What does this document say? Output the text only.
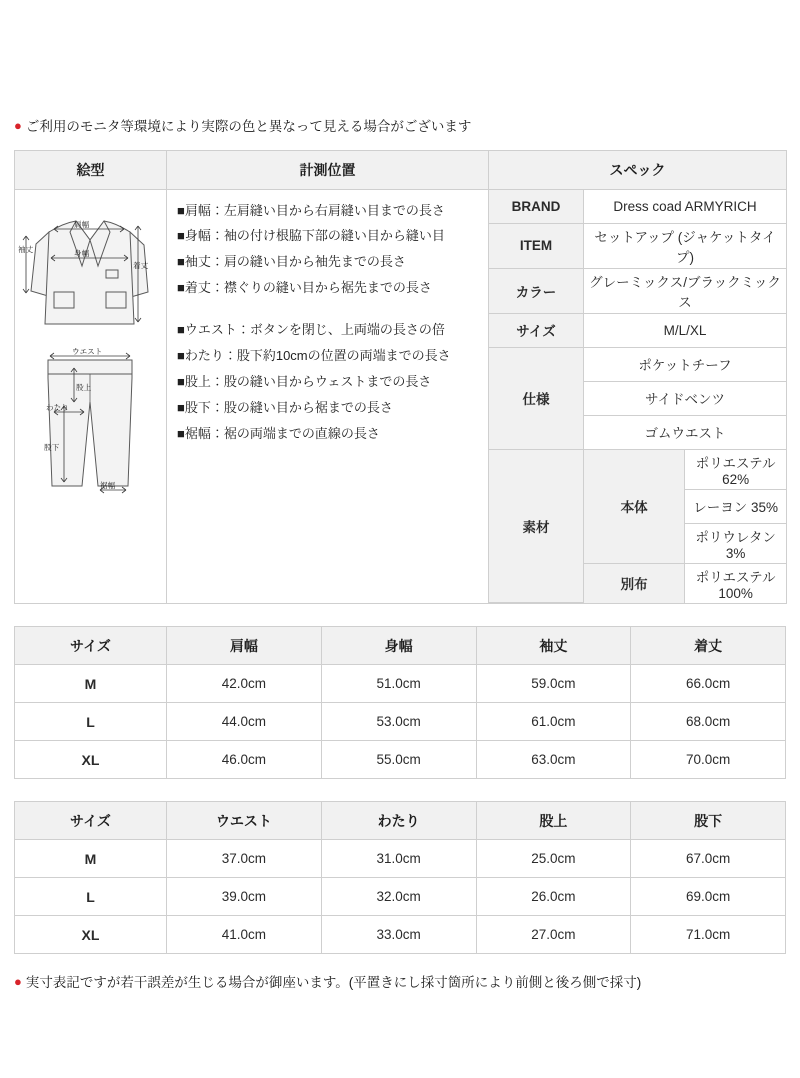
● ご利用のモニタ等環境により実際の色と異なって見える場合がございます
絵型	計測位置	スペック

肩幅
身幅
袖丈
着丈
ウエスト
股上
わたり
股下
裾幅

■肩幅：左肩縫い目から右肩縫い目までの長さ
■身幅：袖の付け根脇下部の縫い目から縫い目
■袖丈：肩の縫い目から袖先までの長さ
■着丈：襟ぐりの縫い目から裾先までの長さ
■ウエスト：ボタンを閉じ、上両端の長さの倍
■わたり：股下約10cmの位置の両端までの長さ
■股上：股の縫い目からウェストまでの長さ
■股下：股の縫い目から裾までの長さ
■裾幅：裾の両端までの直線の長さ

BRAND	Dress coad ARMYRICH
ITEM	セットアップ (ジャケットタイプ)
カラー	グレーミックス/ブラックミックス
サイズ	M/L/XL
仕様	ポケットチーフ
サイドベンツ
ゴムウエスト
素材	本体	ポリエステル 62%
レーヨン 35%
ポリウレタン 3%
別布	ポリエステル 100%
サイズ	肩幅	身幅	袖丈	着丈
M	42.0cm	51.0cm	59.0cm	66.0cm
L	44.0cm	53.0cm	61.0cm	68.0cm
XL	46.0cm	55.0cm	63.0cm	70.0cm
サイズ	ウエスト	わたり	股上	股下
M	37.0cm	31.0cm	25.0cm	67.0cm
L	39.0cm	32.0cm	26.0cm	69.0cm
XL	41.0cm	33.0cm	27.0cm	71.0cm
● 実寸表記ですが若干誤差が生じる場合が御座います。(平置きにし採寸箇所により前側と後ろ側で採寸)
